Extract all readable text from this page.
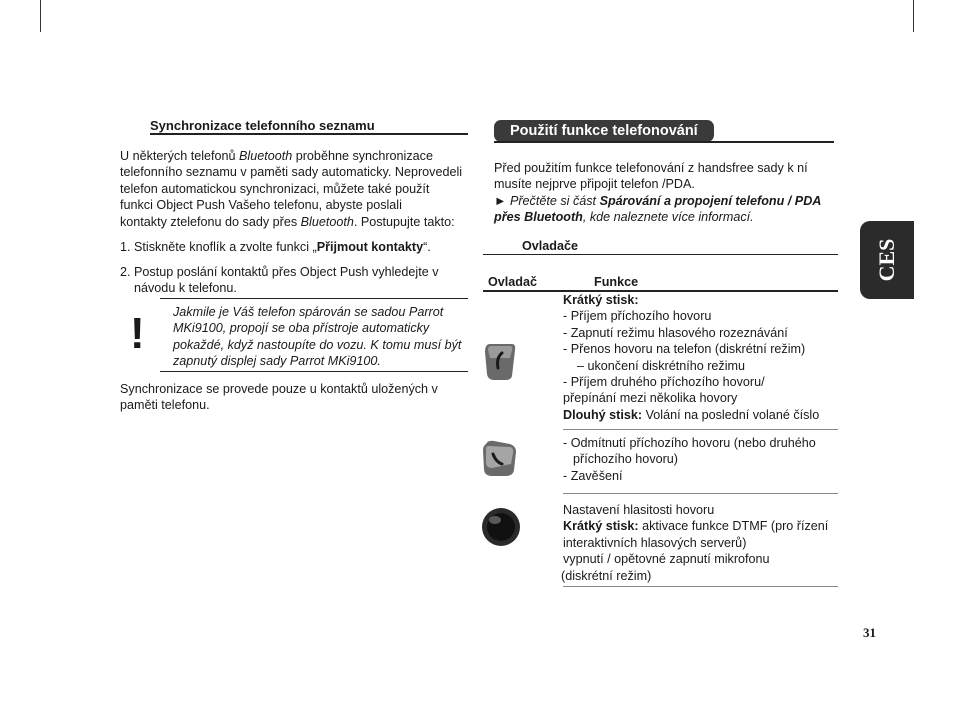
Synchronizace telefonního seznamu
U některých telefonů Bluetooth proběhne synchronizace
telefonního seznamu v paměti sady automaticky. Neprovedeli
telefon automatickou synchronizaci, můžete také použít
funkci Object Push Vašeho telefonu, abyste poslali
kontakty ztelefonu do sady přes Bluetooth. Postupujte takto:
1. Stiskněte knoflík a zvolte funkci „Přijmout kontakty“.
2. Postup poslání kontaktů přes Object Push vyhledejte v
návodu k telefonu.
! Jakmile je Váš telefon spárován se sadou Parrot
MKi9100, propojí se oba přístroje automaticky
pokaždé, když nastoupíte do vozu. K tomu musí být
zapnutý displej sady Parrot MKi9100.
Synchronizace se provede pouze u kontaktů uložených v
paměti telefonu.
Použití funkce telefonování
Před použitím funkce telefonování z handsfree sady k ní
musíte nejprve připojit telefon /PDA.
► Přečtěte si část Spárování a propojení telefonu / PDA
přes Bluetooth, kde naleznete více informací.
Ovladače
Ovladač	Funkce
Krátký stisk:
- Příjem příchozího hovoru
- Zapnutí režimu hlasového rozeznávání
- Přenos hovoru na telefon (diskrétní režim)
– ukončení diskrétního režimu
- Příjem druhého příchozího hovoru/
přepínání mezi několika hovory
Dlouhý stisk: Volání na poslední volané číslo
- Odmítnutí příchozího hovoru (nebo druhého
příchozího hovoru)
- Zavěšení
Nastavení hlasitosti hovoru
Krátký stisk: aktivace funkce DTMF (pro řízení
interaktivních hlasových serverů)
vypnutí / opětovné zapnutí mikrofonu
(diskrétní režim)
CES
31
